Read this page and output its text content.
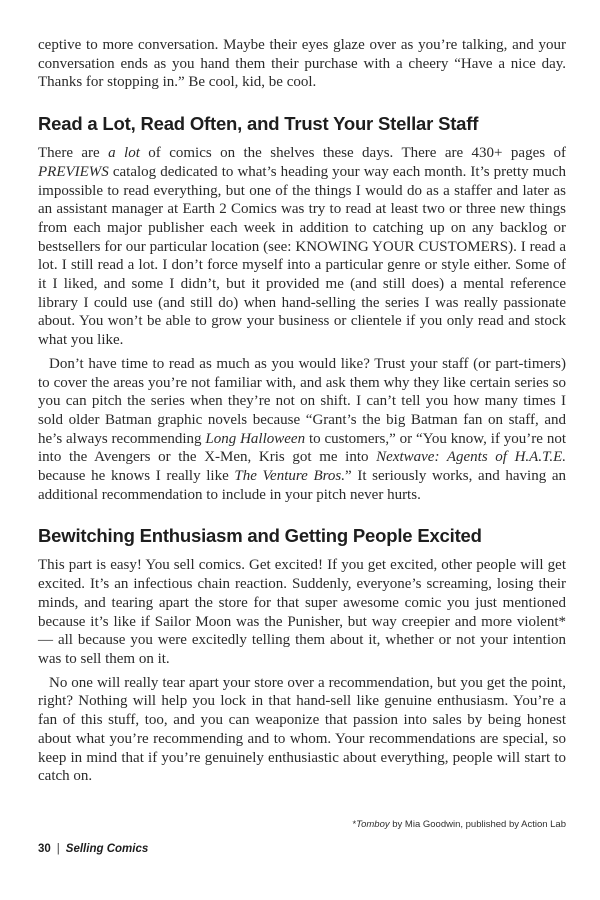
ceptive to more conversation. Maybe their eyes glaze over as you’re talking, and your conversation ends as you hand them their purchase with a cheery “Have a nice day. Thanks for stopping in.” Be cool, kid, be cool.

Read a Lot, Read Often, and Trust Your Stellar Staff

There are a lot of comics on the shelves these days. There are 430+ pages of PREVIEWS catalog dedicated to what’s heading your way each month. It’s pretty much impossible to read everything, but one of the things I would do as a staffer and later as an assistant manager at Earth 2 Comics was try to read at least two or three new things from each major publisher each week in addition to catching up on any backlog or bestsellers for our particular location (see: KNOWING YOUR CUSTOMERS). I read a lot. I still read a lot. I don’t force myself into a particular genre or style either. Some of it I liked, and some I didn’t, but it provided me (and still does) a mental reference library I could use (and still do) when hand-selling the series I was really passionate about. You won’t be able to grow your business or clientele if you only read and stock what you like.

Don’t have time to read as much as you would like? Trust your staff (or part-timers) to cover the areas you’re not familiar with, and ask them why they like certain series so you can pitch the series when they’re not on shift. I can’t tell you how many times I sold older Batman graphic novels because “Grant’s the big Batman fan on staff, and he’s always recommending Long Halloween to customers,” or “You know, if you’re not into the Avengers or the X-Men, Kris got me into Nextwave: Agents of H.A.T.E. because he knows I really like The Venture Bros.” It seriously works, and having an additional recommendation to include in your pitch never hurts.

Bewitching Enthusiasm and Getting People Excited

This part is easy! You sell comics. Get excited! If you get excited, other people will get excited. It’s an infectious chain reaction. Suddenly, everyone’s screaming, losing their minds, and tearing apart the store for that super awesome comic you just mentioned because it’s like if Sailor Moon was the Punisher, but way creepier and more violent* — all because you were excitedly telling them about it, whether or not your intention was to sell them on it.

No one will really tear apart your store over a recommendation, but you get the point, right? Nothing will help you lock in that hand-sell like genuine enthusiasm. You’re a fan of this stuff, too, and you can weaponize that passion into sales by being honest about what you’re recommending and to whom. Your recommendations are special, so keep in mind that if you’re genuinely enthusiastic about everything, people will start to catch on.

*Tomboy by Mia Goodwin, published by Action Lab
30 | Selling Comics
